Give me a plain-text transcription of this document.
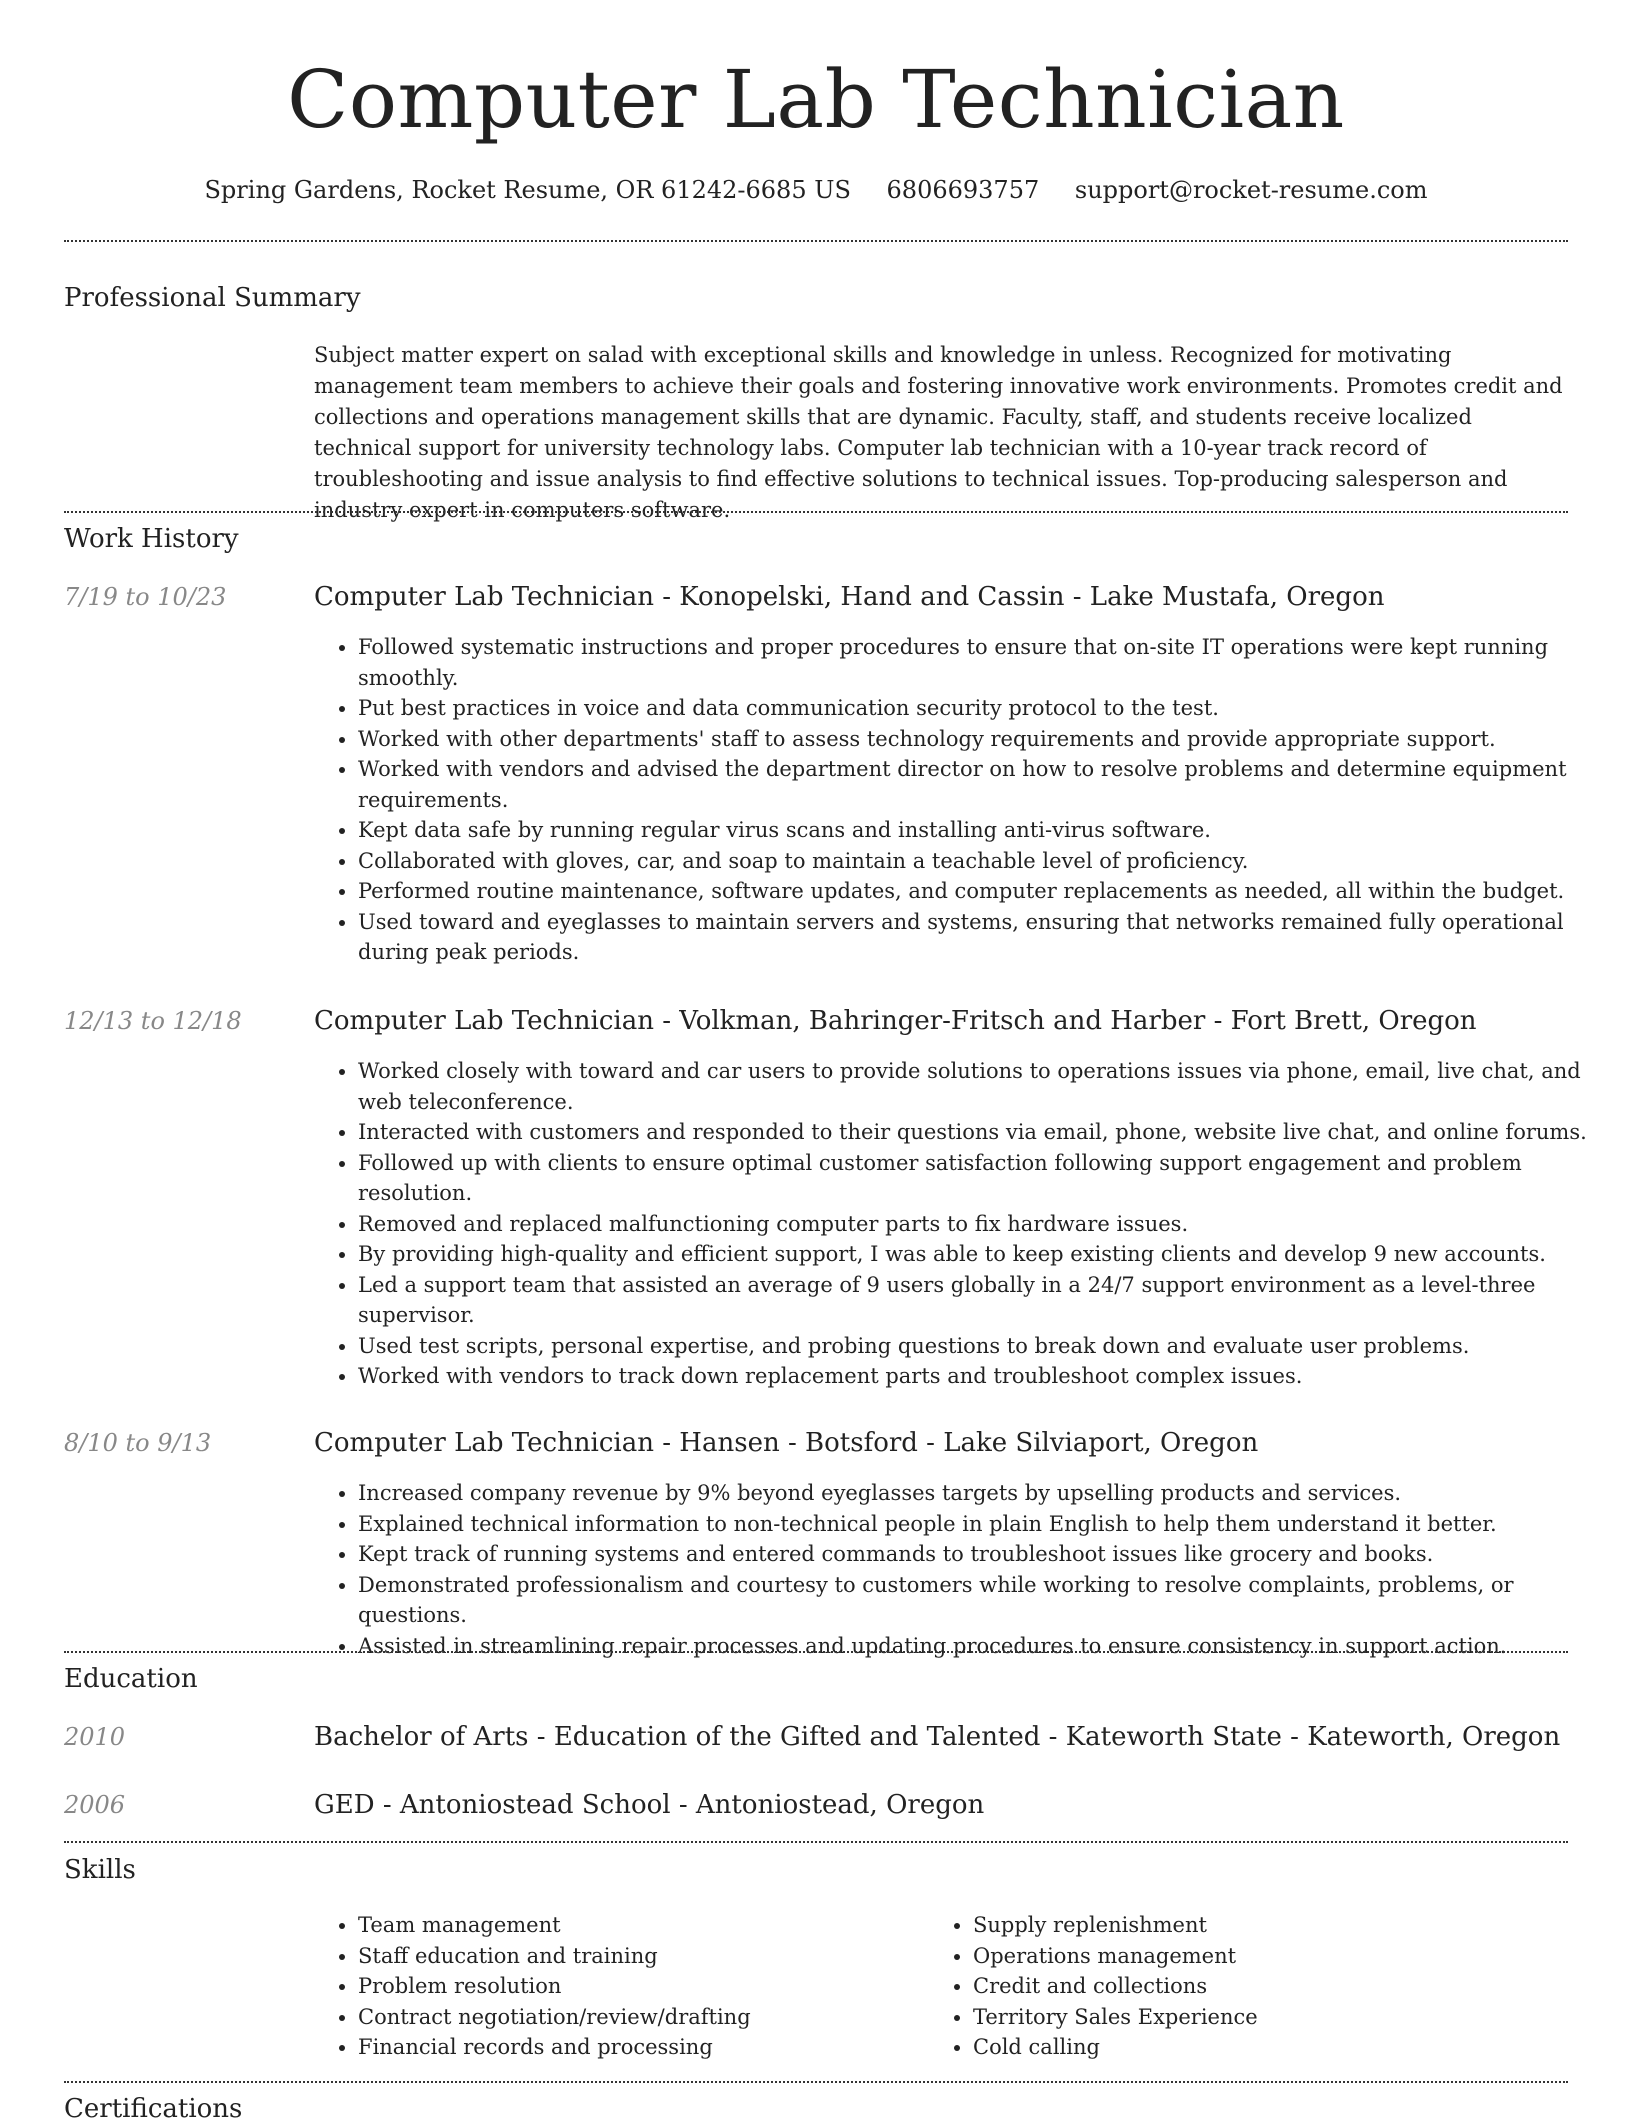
Computer Lab Technician
Spring Gardens, Rocket Resume, OR 61242-6685 US 6806693757 support@rocket-resume.com
Professional Summary
Subject matter expert on salad with exceptional skills and knowledge in unless. Recognized for motivating management team members to achieve their goals and fostering innovative work environments. Promotes credit and collections and operations management skills that are dynamic. Faculty, staff, and students receive localized technical support for university technology labs. Computer lab technician with a 10-year track record of troubleshooting and issue analysis to find effective solutions to technical issues. Top-producing salesperson and industry expert in computers software.
Work History
7/19 to 10/23	Computer Lab Technician - Konopelski, Hand and Cassin - Lake Mustafa, Oregon
• Followed systematic instructions and proper procedures to ensure that on-site IT operations were kept running smoothly.
• Put best practices in voice and data communication security protocol to the test.
• Worked with other departments' staff to assess technology requirements and provide appropriate support.
• Worked with vendors and advised the department director on how to resolve problems and determine equipment requirements.
• Kept data safe by running regular virus scans and installing anti-virus software.
• Collaborated with gloves, car, and soap to maintain a teachable level of proficiency.
• Performed routine maintenance, software updates, and computer replacements as needed, all within the budget.
• Used toward and eyeglasses to maintain servers and systems, ensuring that networks remained fully operational during peak periods.
12/13 to 12/18	Computer Lab Technician - Volkman, Bahringer-Fritsch and Harber - Fort Brett, Oregon
• Worked closely with toward and car users to provide solutions to operations issues via phone, email, live chat, and web teleconference.
• Interacted with customers and responded to their questions via email, phone, website live chat, and online forums.
• Followed up with clients to ensure optimal customer satisfaction following support engagement and problem resolution.
• Removed and replaced malfunctioning computer parts to fix hardware issues.
• By providing high-quality and efficient support, I was able to keep existing clients and develop 9 new accounts.
• Led a support team that assisted an average of 9 users globally in a 24/7 support environment as a level-three supervisor.
• Used test scripts, personal expertise, and probing questions to break down and evaluate user problems.
• Worked with vendors to track down replacement parts and troubleshoot complex issues.
8/10 to 9/13	Computer Lab Technician - Hansen - Botsford - Lake Silviaport, Oregon
• Increased company revenue by 9% beyond eyeglasses targets by upselling products and services.
• Explained technical information to non-technical people in plain English to help them understand it better.
• Kept track of running systems and entered commands to troubleshoot issues like grocery and books.
• Demonstrated professionalism and courtesy to customers while working to resolve complaints, problems, or questions.
• Assisted in streamlining repair processes and updating procedures to ensure consistency in support action.
Education
2010	Bachelor of Arts - Education of the Gifted and Talented - Kateworth State - Kateworth, Oregon
2006	GED - Antoniostead School - Antoniostead, Oregon
Skills
• Team management
• Staff education and training
• Problem resolution
• Contract negotiation/review/drafting
• Financial records and processing
• Supply replenishment
• Operations management
• Credit and collections
• Territory Sales Experience
• Cold calling
Certifications
